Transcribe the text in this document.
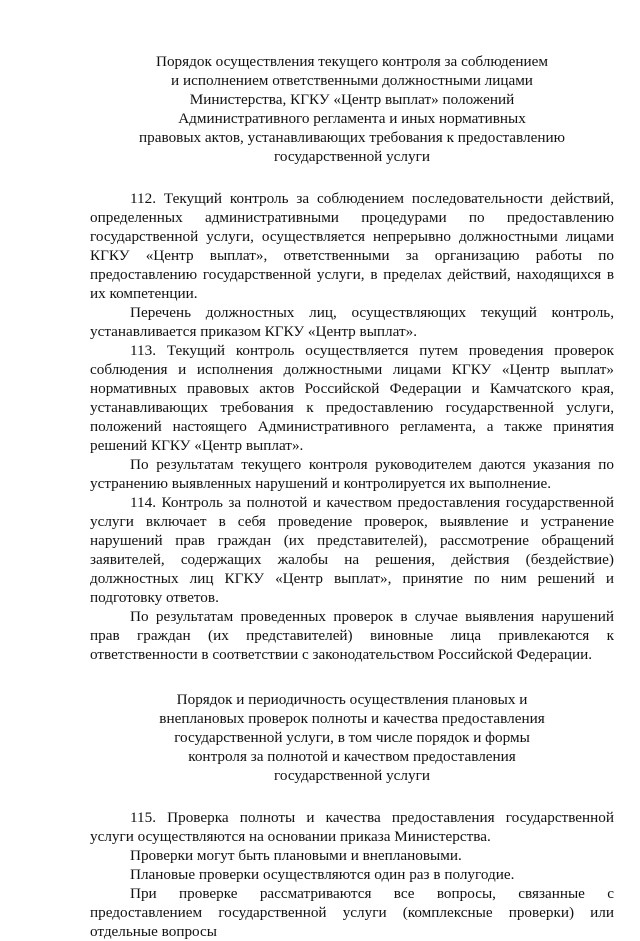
Порядок осуществления текущего контроля за соблюдением
и исполнением ответственными должностными лицами
Министерства, КГКУ «Центр выплат» положений
Административного регламента и иных нормативных
правовых актов, устанавливающих требования к предоставлению
государственной услуги

112. Текущий контроль за соблюдением последовательности действий, определенных административными процедурами по предоставлению государственной услуги, осуществляется непрерывно должностными лицами КГКУ «Центр выплат», ответственными за организацию работы по предоставлению государственной услуги, в пределах действий, находящихся в их компетенции.

Перечень должностных лиц, осуществляющих текущий контроль, устанавливается приказом КГКУ «Центр выплат».

113. Текущий контроль осуществляется путем проведения проверок соблюдения и исполнения должностными лицами КГКУ «Центр выплат» нормативных правовых актов Российской Федерации и Камчатского края, устанавливающих требования к предоставлению государственной услуги, положений настоящего Административного регламента, а также принятия решений КГКУ «Центр выплат».

По результатам текущего контроля руководителем даются указания по устранению выявленных нарушений и контролируется их выполнение.

114. Контроль за полнотой и качеством предоставления государственной услуги включает в себя проведение проверок, выявление и устранение нарушений прав граждан (их представителей), рассмотрение обращений заявителей, содержащих жалобы на решения, действия (бездействие) должностных лиц КГКУ «Центр выплат», принятие по ним решений и подготовку ответов.

По результатам проведенных проверок в случае выявления нарушений прав граждан (их представителей) виновные лица привлекаются к ответственности в соответствии с законодательством Российской Федерации.

Порядок и периодичность осуществления плановых и
внеплановых проверок полноты и качества предоставления
государственной услуги, в том числе порядок и формы
контроля за полнотой и качеством предоставления
государственной услуги

115. Проверка полноты и качества предоставления государственной услуги осуществляются на основании приказа Министерства.

Проверки могут быть плановыми и внеплановыми.

Плановые проверки осуществляются один раз в полугодие.

При проверке рассматриваются все вопросы, связанные с предоставлением государственной услуги (комплексные проверки) или отдельные вопросы
